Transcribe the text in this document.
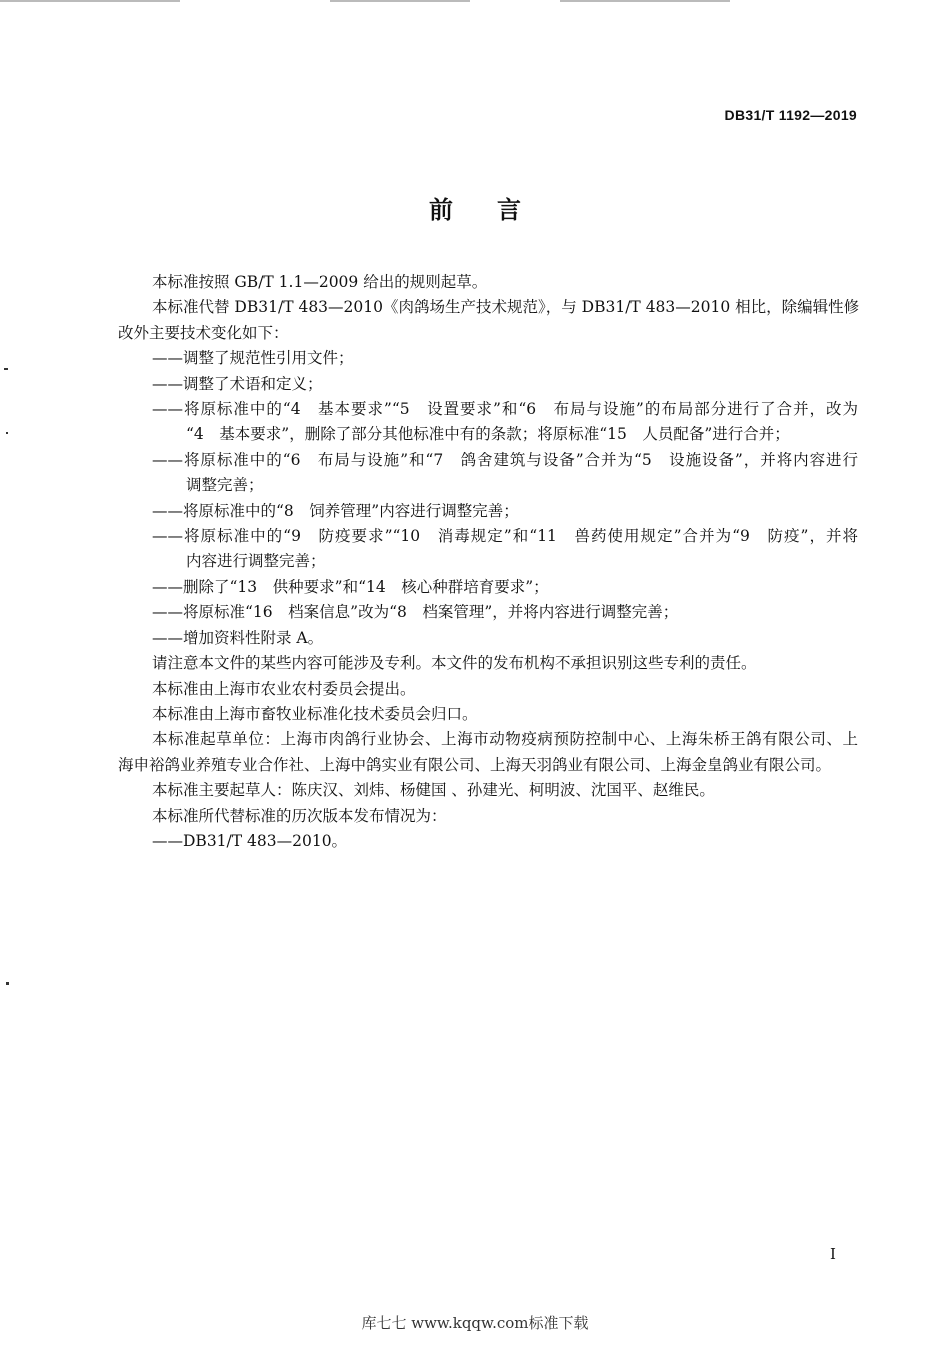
DB31/T 1192—2019
前言
本标准按照 GB/T 1.1—2009 给出的规则起草。
本标准代替 DB31/T 483—2010《肉鸽场生产技术规范》，与 DB31/T 483—2010 相比，除编辑性修
改外主要技术变化如下：
——调整了规范性引用文件；
——调整了术语和定义；
——将原标准中的“4　基本要求”“5　设置要求”和“6　布局与设施”的布局部分进行了合并，改为
“4　基本要求”，删除了部分其他标准中有的条款；将原标准“15　人员配备”进行合并；
——将原标准中的“6　布局与设施”和“7　鸽舍建筑与设备”合并为“5　设施设备”，并将内容进行
调整完善；
——将原标准中的“8　饲养管理”内容进行调整完善；
——将原标准中的“9　防疫要求”“10　消毒规定”和“11　兽药使用规定”合并为“9　防疫”，并将
内容进行调整完善；
——删除了“13　供种要求”和“14　核心种群培育要求”；
——将原标准“16　档案信息”改为“8　档案管理”，并将内容进行调整完善；
——增加资料性附录 A。
请注意本文件的某些内容可能涉及专利。本文件的发布机构不承担识别这些专利的责任。
本标准由上海市农业农村委员会提出。
本标准由上海市畜牧业标准化技术委员会归口。
本标准起草单位：上海市肉鸽行业协会、上海市动物疫病预防控制中心、上海朱桥王鸽有限公司、上
海申裕鸽业养殖专业合作社、上海中鸽实业有限公司、上海天羽鸽业有限公司、上海金皇鸽业有限公司。
本标准主要起草人：陈庆汉、刘炜、杨健国 、孙建光、柯明波、沈国平、赵维民。
本标准所代替标准的历次版本发布情况为：
——DB31/T 483—2010。
I
库七七 www.kqqw.com标准下载
